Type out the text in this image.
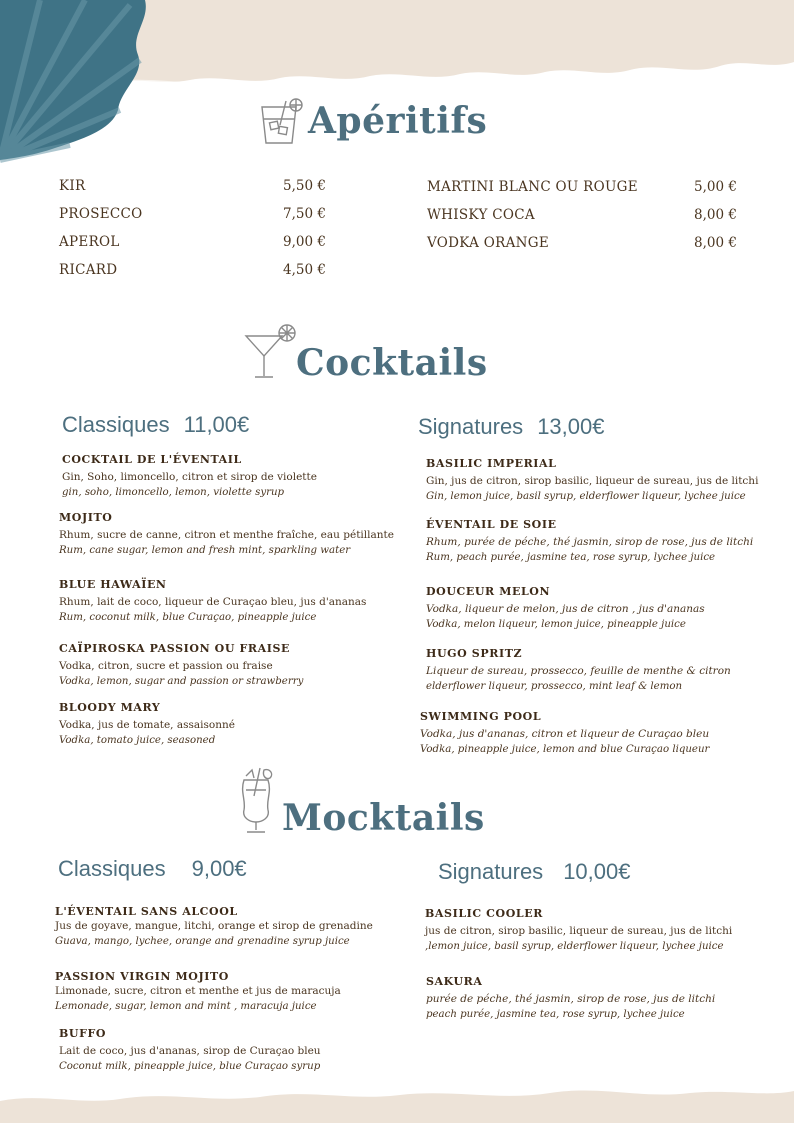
Apéritifs
KIR	5,50 €
PROSECCO	7,50 €
APEROL	9,00 €
RICARD	4,50 €
MARTINI BLANC OU ROUGE	5,00 €
WHISKY COCA	8,00 €
VODKA ORANGE	8,00 €
Cocktails
Classiques 11,00€	Signatures 13,00€
COCKTAIL DE L'ÉVENTAIL
Gin, Soho, limoncello, citron et sirop de violette
gin, soho, limoncello, lemon, violette syrup
MOJITO
Rhum, sucre de canne, citron et menthe fraîche, eau pétillante
Rum, cane sugar, lemon and fresh mint, sparkling water
BLUE HAWAÏEN
Rhum, lait de coco, liqueur de Curaçao bleu, jus d'ananas
Rum, coconut milk, blue Curaçao, pineapple juice
CAÏPIROSKA PASSION OU FRAISE
Vodka, citron, sucre et passion ou fraise
Vodka, lemon, sugar and passion or strawberry
BLOODY MARY
Vodka, jus de tomate, assaisonné
Vodka, tomato juice, seasoned
BASILIC IMPERIAL
Gin, jus de citron, sirop basilic, liqueur de sureau, jus de litchi
Gin, lemon juice, basil syrup, elderflower liqueur, lychee juice
ÉVENTAIL DE SOIE
Rhum, purée de péche, thé jasmin, sirop de rose, jus de litchi
Rum, peach purée, jasmine tea, rose syrup, lychee juice
DOUCEUR MELON
Vodka, liqueur de melon, jus de citron , jus d'ananas
Vodka, melon liqueur, lemon juice, pineapple juice
HUGO SPRITZ
Liqueur de sureau, prossecco, feuille de menthe & citron
elderflower liqueur, prossecco, mint leaf & lemon
SWIMMING POOL
Vodka, jus d'ananas, citron et liqueur de Curaçao bleu
Vodka, pineapple juice, lemon and blue Curaçao liqueur
Mocktails
Classiques 9,00€	Signatures 10,00€
L'ÉVENTAIL SANS ALCOOL
Jus de goyave, mangue, litchi, orange et sirop de grenadine
Guava, mango, lychee, orange and grenadine syrup juice
PASSION VIRGIN MOJITO
Limonade, sucre, citron et menthe et jus de maracuja
Lemonade, sugar, lemon and mint , maracuja juice
BUFFO
Lait de coco, jus d'ananas, sirop de Curaçao bleu
Coconut milk, pineapple juice, blue Curaçao syrup
BASILIC COOLER
jus de citron, sirop basilic, liqueur de sureau, jus de litchi
,lemon juice, basil syrup, elderflower liqueur, lychee juice
SAKURA
purée de péche, thé jasmin, sirop de rose, jus de litchi
peach purée, jasmine tea, rose syrup, lychee juice
